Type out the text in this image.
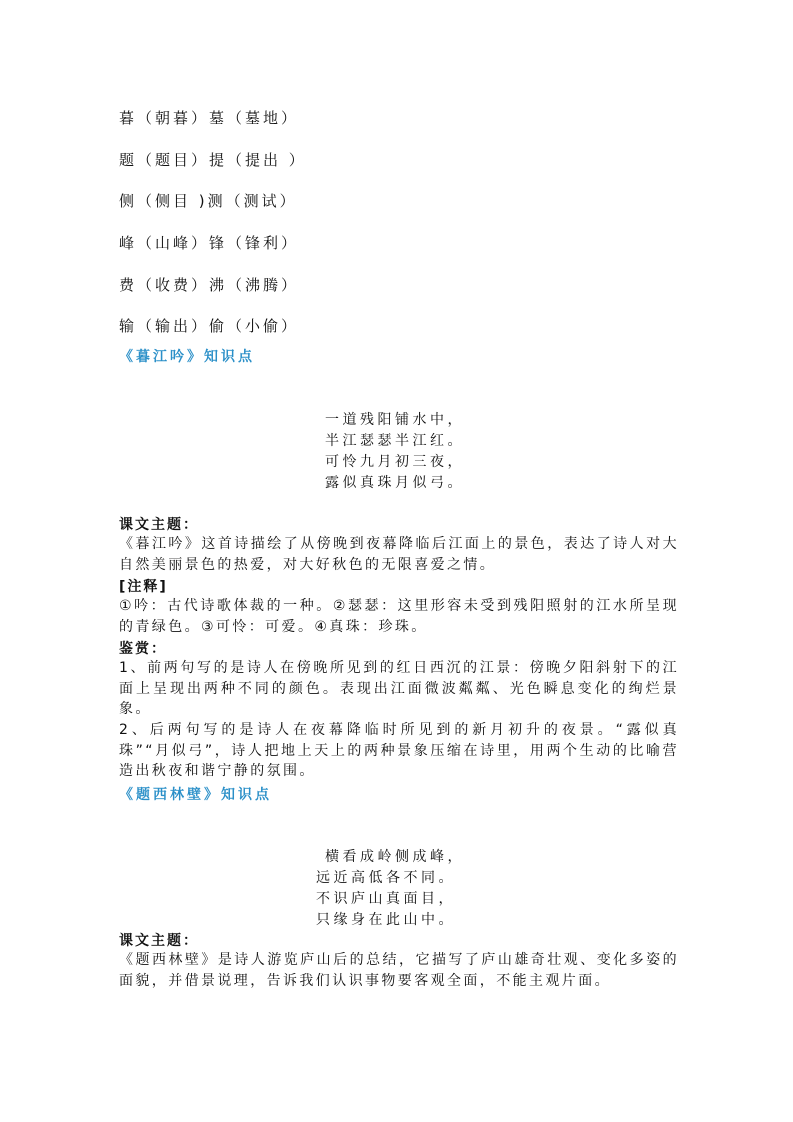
暮（朝暮）墓（墓地）
题（题目）提（提出 ）
侧（侧目 )测（测试）
峰（山峰）锋（锋利）
费（收费）沸（沸腾）
输（输出）偷（小偷）
《暮江吟》知识点
一道残阳铺水中，
半江瑟瑟半江红。
可怜九月初三夜，
露似真珠月似弓。
课文主题：
《暮江吟》这首诗描绘了从傍晚到夜幕降临后江面上的景色，表达了诗人对大自然美丽景色的热爱，对大好秋色的无限喜爱之情。
[注释]
①吟：古代诗歌体裁的一种。②瑟瑟：这里形容未受到残阳照射的江水所呈现的青绿色。③可怜：可爱。④真珠：珍珠。
鉴赏：
1、前两句写的是诗人在傍晚所见到的红日西沉的江景：傍晚夕阳斜射下的江面上呈现出两种不同的颜色。表现出江面微波粼粼、光色瞬息变化的绚烂景象。
2、后两句写的是诗人在夜幕降临时所见到的新月初升的夜景。“露似真珠”“月似弓”，诗人把地上天上的两种景象压缩在诗里，用两个生动的比喻营造出秋夜和谐宁静的氛围。
《题西林壁》知识点
横看成岭侧成峰，
远近高低各不同。
不识庐山真面目，
只缘身在此山中。
课文主题：
《题西林壁》是诗人游览庐山后的总结，它描写了庐山雄奇壮观、变化多姿的面貌，并借景说理，告诉我们认识事物要客观全面，不能主观片面。
